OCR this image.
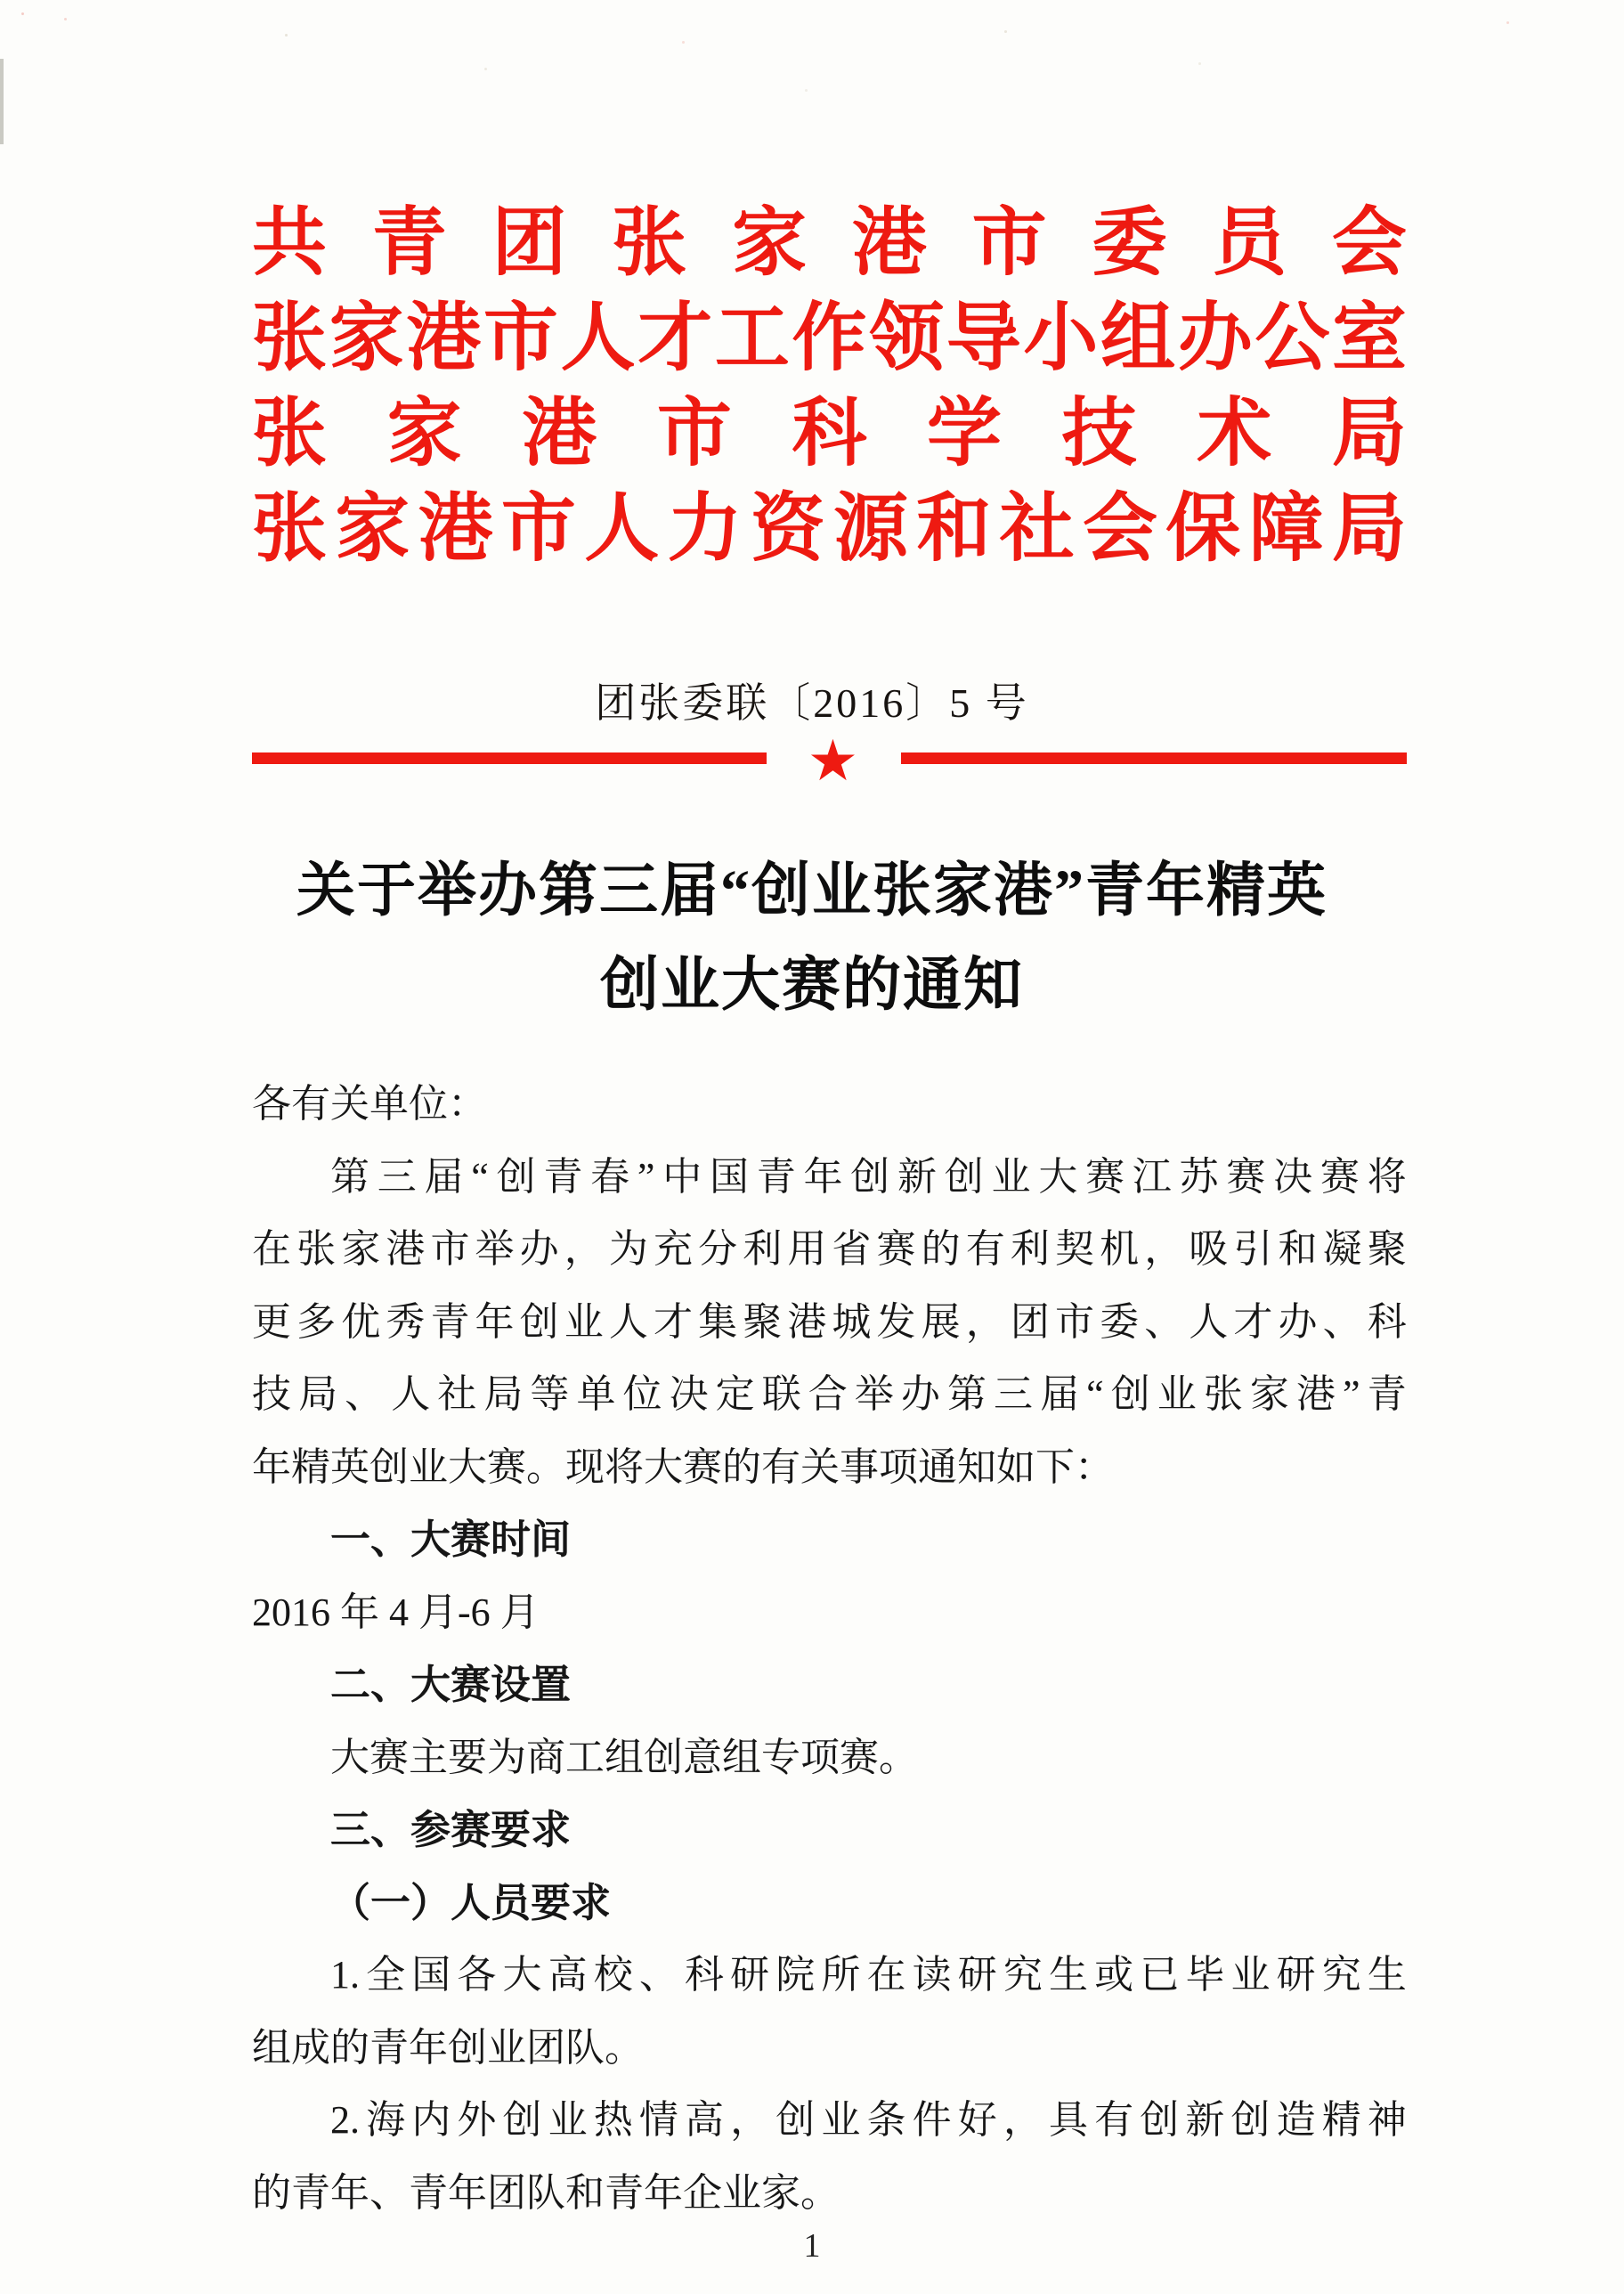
共 青 团 张 家 港 市 委 员 会
张 家 港 市 人 才 工 作 领 导 小 组 办 公 室
张 家 港 市 科 学 技 术 局
张 家 港 市 人 力 资 源 和 社 会 保 障 局
团张委联〔2016〕5 号
★
关于举办第三届“创业张家港”青年精英
创业大赛的通知
各有关单位：
第 三 届 “ 创 青 春 ” 中 国 青 年 创 新 创 业 大 赛 江 苏 赛 决 赛 将
在 张 家 港 市 举 办 ， 为 充 分 利 用 省 赛 的 有 利 契 机 ， 吸 引 和 凝 聚
更 多 优 秀 青 年 创 业 人 才 集 聚 港 城 发 展 ， 团 市 委 、 人 才 办 、 科
技 局 、 人 社 局 等 单 位 决 定 联 合 举 办 第 三 届 “ 创 业 张 家 港 ” 青
年精英创业大赛。现将大赛的有关事项通知如下：
一、大赛时间
2016 年 4 月-6 月
二、大赛设置
大赛主要为商工组创意组专项赛。
三、参赛要求
（一）人员要求
1. 全 国 各 大 高 校 、 科 研 院 所 在 读 研 究 生 或 已 毕 业 研 究 生
组成的青年创业团队。
2. 海 内 外 创 业 热 情 高 ， 创 业 条 件 好 ， 具 有 创 新 创 造 精 神
的青年、青年团队和青年企业家。
1
